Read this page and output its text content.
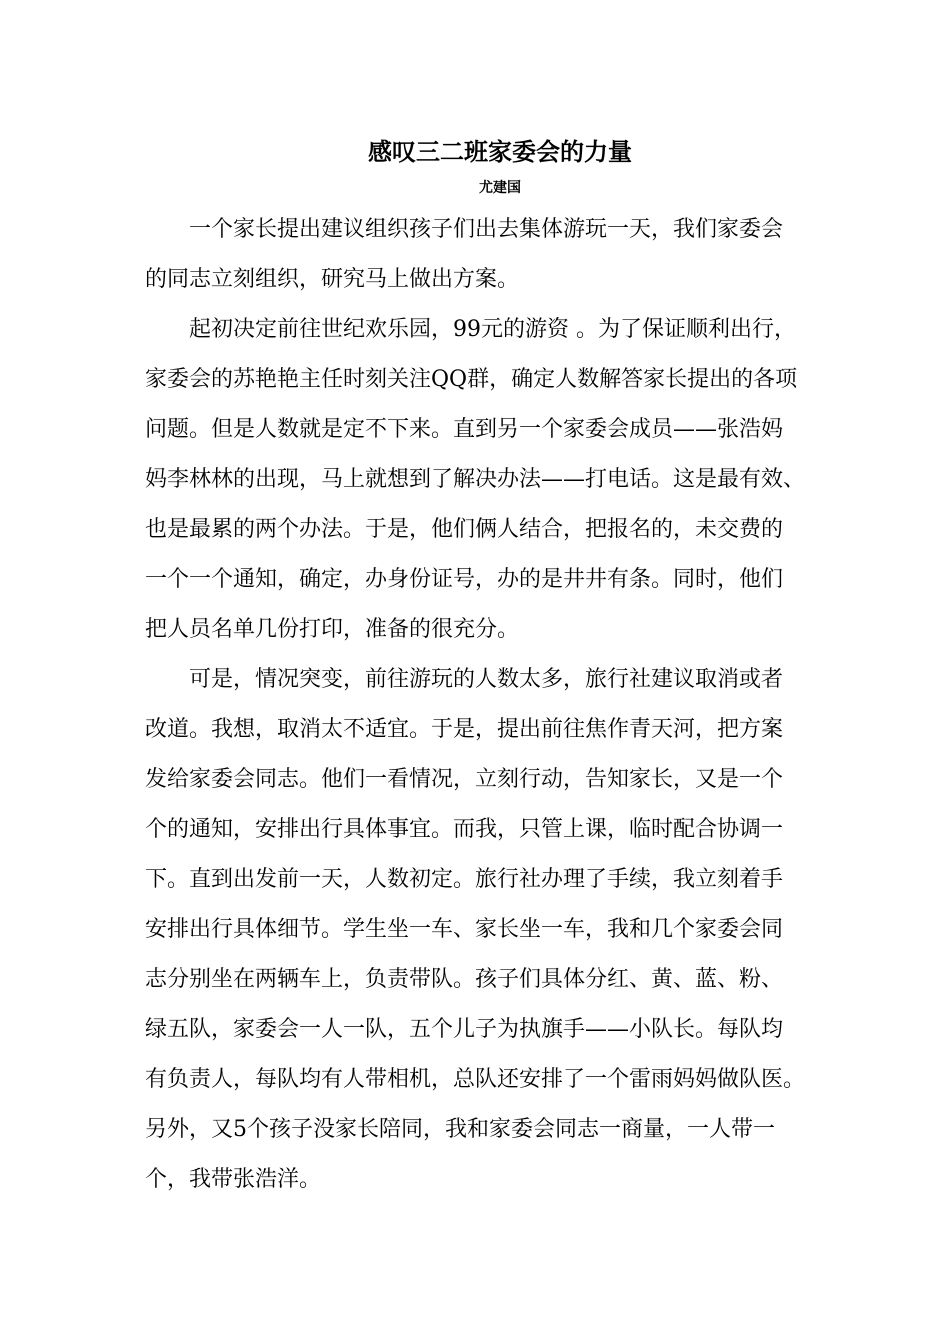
感叹三二班家委会的力量
尤建国
一个家长提出建议组织孩子们出去集体游玩一天，我们家委会
的同志立刻组织，研究马上做出方案。
起初决定前往世纪欢乐园，99元的游资 。为了保证顺利出行，
家委会的苏艳艳主任时刻关注QQ群，确定人数解答家长提出的各项
问题。但是人数就是定不下来。直到另一个家委会成员——张浩妈
妈李林林的出现，马上就想到了解决办法——打电话。这是最有效、
也是最累的两个办法。于是，他们俩人结合，把报名的，未交费的
一个一个通知，确定，办身份证号，办的是井井有条。同时，他们
把人员名单几份打印，准备的很充分。
可是，情况突变，前往游玩的人数太多，旅行社建议取消或者
改道。我想，取消太不适宜。于是，提出前往焦作青天河，把方案
发给家委会同志。他们一看情况，立刻行动，告知家长，又是一个
个的通知，安排出行具体事宜。而我，只管上课，临时配合协调一
下。直到出发前一天，人数初定。旅行社办理了手续，我立刻着手
安排出行具体细节。学生坐一车、家长坐一车，我和几个家委会同
志分别坐在两辆车上，负责带队。孩子们具体分红、黄、蓝、粉、
绿五队，家委会一人一队，五个儿子为执旗手——小队长。每队均
有负责人，每队均有人带相机，总队还安排了一个雷雨妈妈做队医。
另外，又5个孩子没家长陪同，我和家委会同志一商量，一人带一
个，我带张浩洋。
